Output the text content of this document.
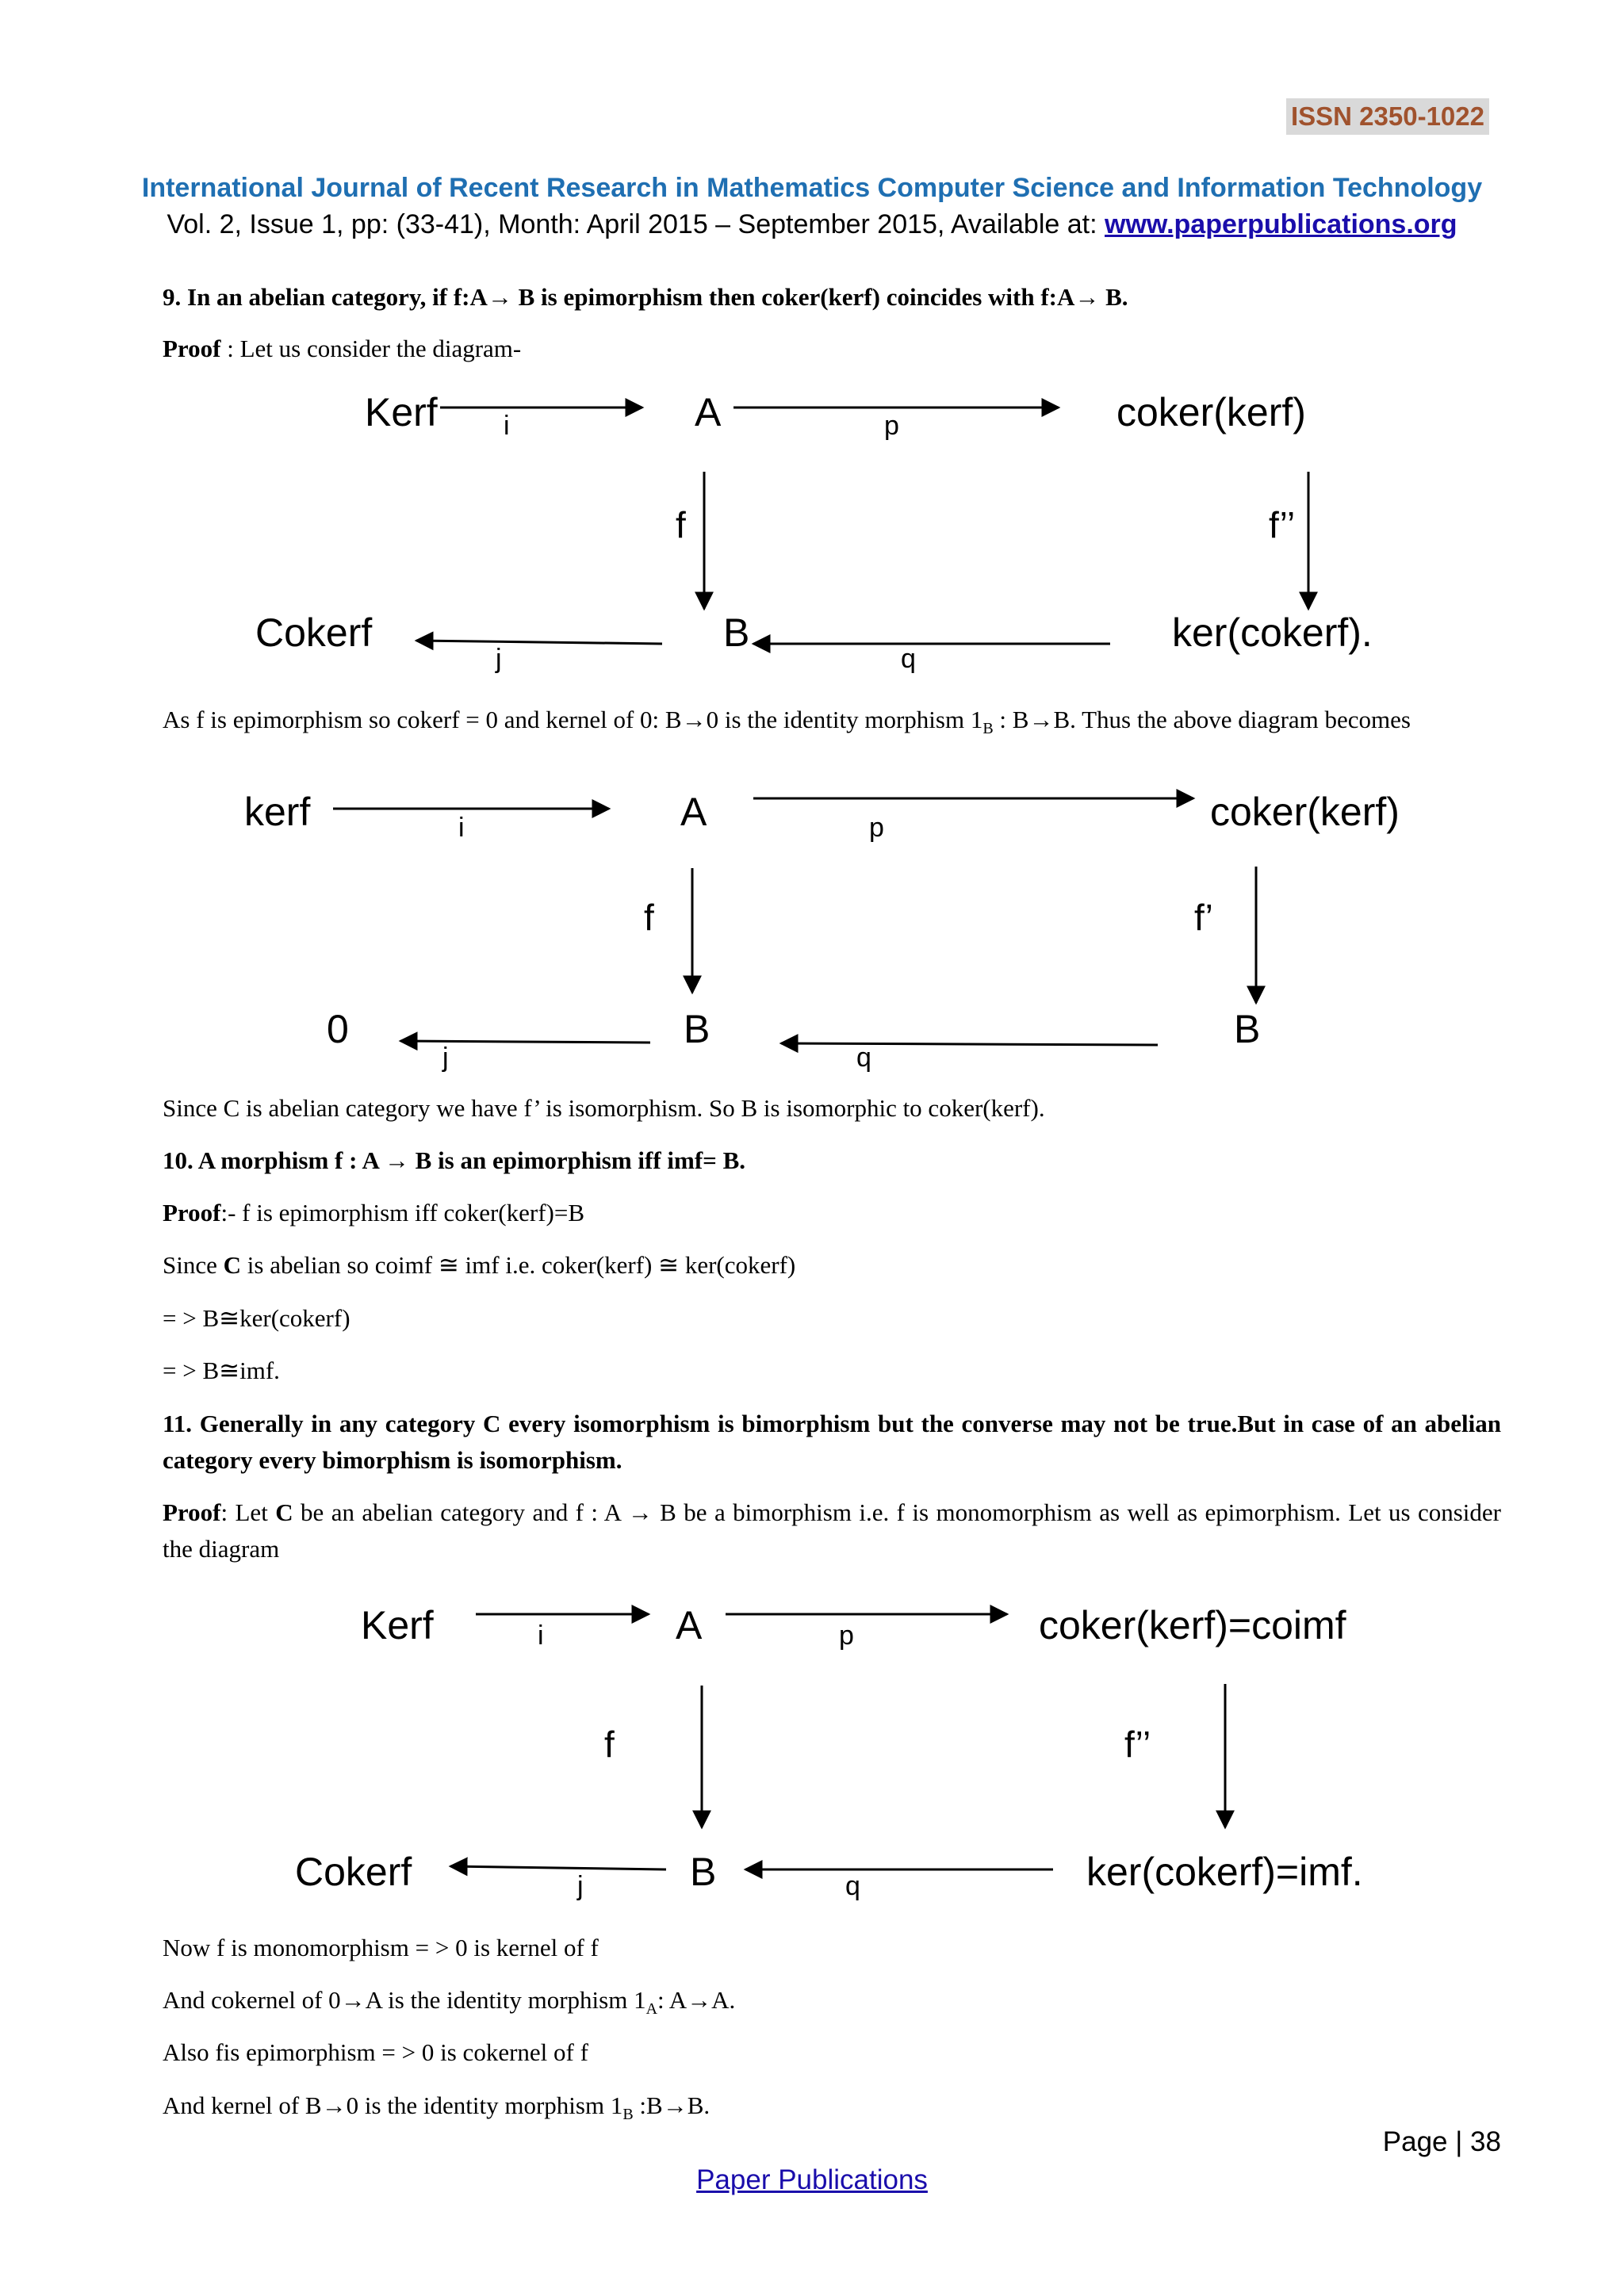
ISSN 2350-1022
International Journal of Recent Research in Mathematics Computer Science and Information Technology
Vol. 2, Issue 1, pp: (33-41), Month: April 2015 – September 2015, Available at: www.paperpublications.org
9. In an abelian category, if f:A→ B is epimorphism then coker(kerf) coincides with f:A→ B.
Proof : Let us consider the diagram-
Kerf	A	coker(kerf)
Cokerf	B	ker(cokerf).
i	p
f	f’’
j	q
As f is epimorphism so cokerf = 0 and kernel of 0: B→0 is the identity morphism $1_B$ : B→B. Thus the above diagram becomes
kerf	A	coker(kerf)
0	B	B
i	p
f	f’
j	q
Since C is abelian category we have f’ is isomorphism. So B is isomorphic to coker(kerf).
10. A morphism f : A → B is an epimorphism iff imf= B.
Proof:- f is epimorphism iff coker(kerf)=B
Since C is abelian so coimf ≅ imf i.e. coker(kerf) ≅ ker(cokerf)
= > B≅ker(cokerf)
= > B≅imf.
11. Generally in any category C every isomorphism is bimorphism but the converse may not be true.But in case of an abelian category every bimorphism is isomorphism.
Proof: Let C be an abelian category and f : A → B be a bimorphism i.e. f is monomorphism as well as epimorphism. Let us consider the diagram
Kerf	A	coker(kerf)=coimf
Cokerf	B	ker(cokerf)=imf.
i	p
f	f’’
j	q
Now f is monomorphism = > 0 is kernel of f
And cokernel of 0→A is the identity morphism $1_A$: A→A.
Also fis epimorphism = > 0 is cokernel of f
And kernel of B→0 is the identity morphism $1_B$ :B→B.
Page | 38
Paper Publications
